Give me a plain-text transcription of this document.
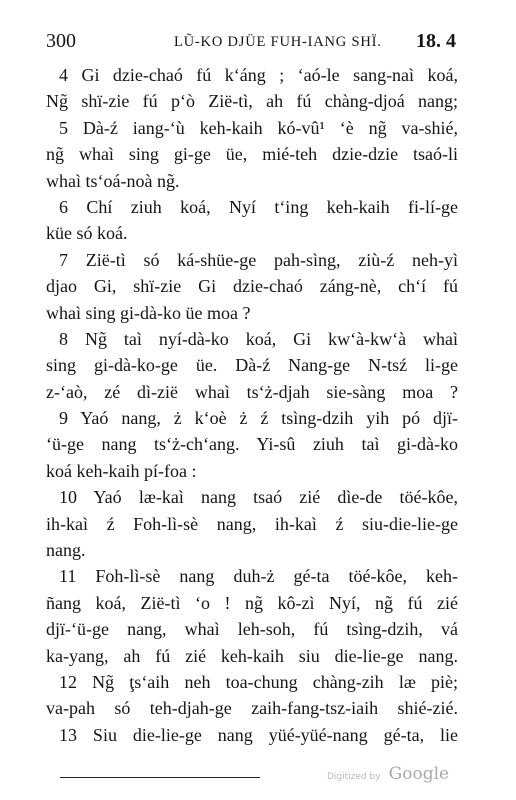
300	LŨ-KO DJÜE FUH-IANG SHÏ. 18. 4
4 Gi dzie-chaó fú k‘áng ; ‘aó-le sang-naì koá,
Ng̃ shï-zie fú p‘ò Zië-tì, ah fú chàng-djoá nang;
5 Dà-ź iang-‘ù keh-kaih kó-vû¹ ‘è ng̃ va-shié,
ng̃ whaì sing gi-ge üe, mié-teh dzie-dzie tsaó-li
whaì ts‘oá-noà ng̃.
6 Chí ziuh koá, Nyí t‘ing keh-kaih fi-lí-ge
küe só koá.
7 Zië-tì só ká-shüe-ge pah-sìng, ziù-ź neh-yì
djao Gi, shï-zie Gi dzie-chaó záng-nè, ch‘í fú
whaì sing gi-dà-ko üe moa ?
8 Ng̃ taì nyí-dà-ko koá, Gi kw‘à-kw‘à whaì
sing gi-dà-ko-ge üe. Dà-ź Nang-ge N-tsź li-ge
z-‘aò, zé dì-zië whaì ts‘ż-djah sie-sàng moa ?
9 Yaó nang, ż k‘oè ż ź tsìng-dzih yih pó djï-
‘ü-ge nang ts‘ż-ch‘ang. Yi-sû ziuh taì gi-dà-ko
koá keh-kaih pí-foa :
10 Yaó læ-kaì nang tsaó zié dìe-de töé-kôe,
ih-kaì ź Foh-lì-sè nang, ih-kaì ź siu-die-lie-ge
nang.
11 Foh-lì-sè nang duh-ż gé-ta töé-kôe, keh-
ñang koá, Zië-tì ‘o ! ng̃ kô-zì Nyí, ng̃ fú zié
djï-‘ü-ge nang, whaì leh-soh, fú tsìng-dzih, vá
ka-yang, ah fú zié keh-kaih siu die-lie-ge nang.
12 Ng̃ ţs‘aih neh toa-chung chàng-zih læ piè;
va-pah só teh-djah-ge zaih-fang-tsz-iaih shié-zié.
13 Siu die-lie-ge nang yüé-yüé-nang gé-ta, lie
Digitized by Google
